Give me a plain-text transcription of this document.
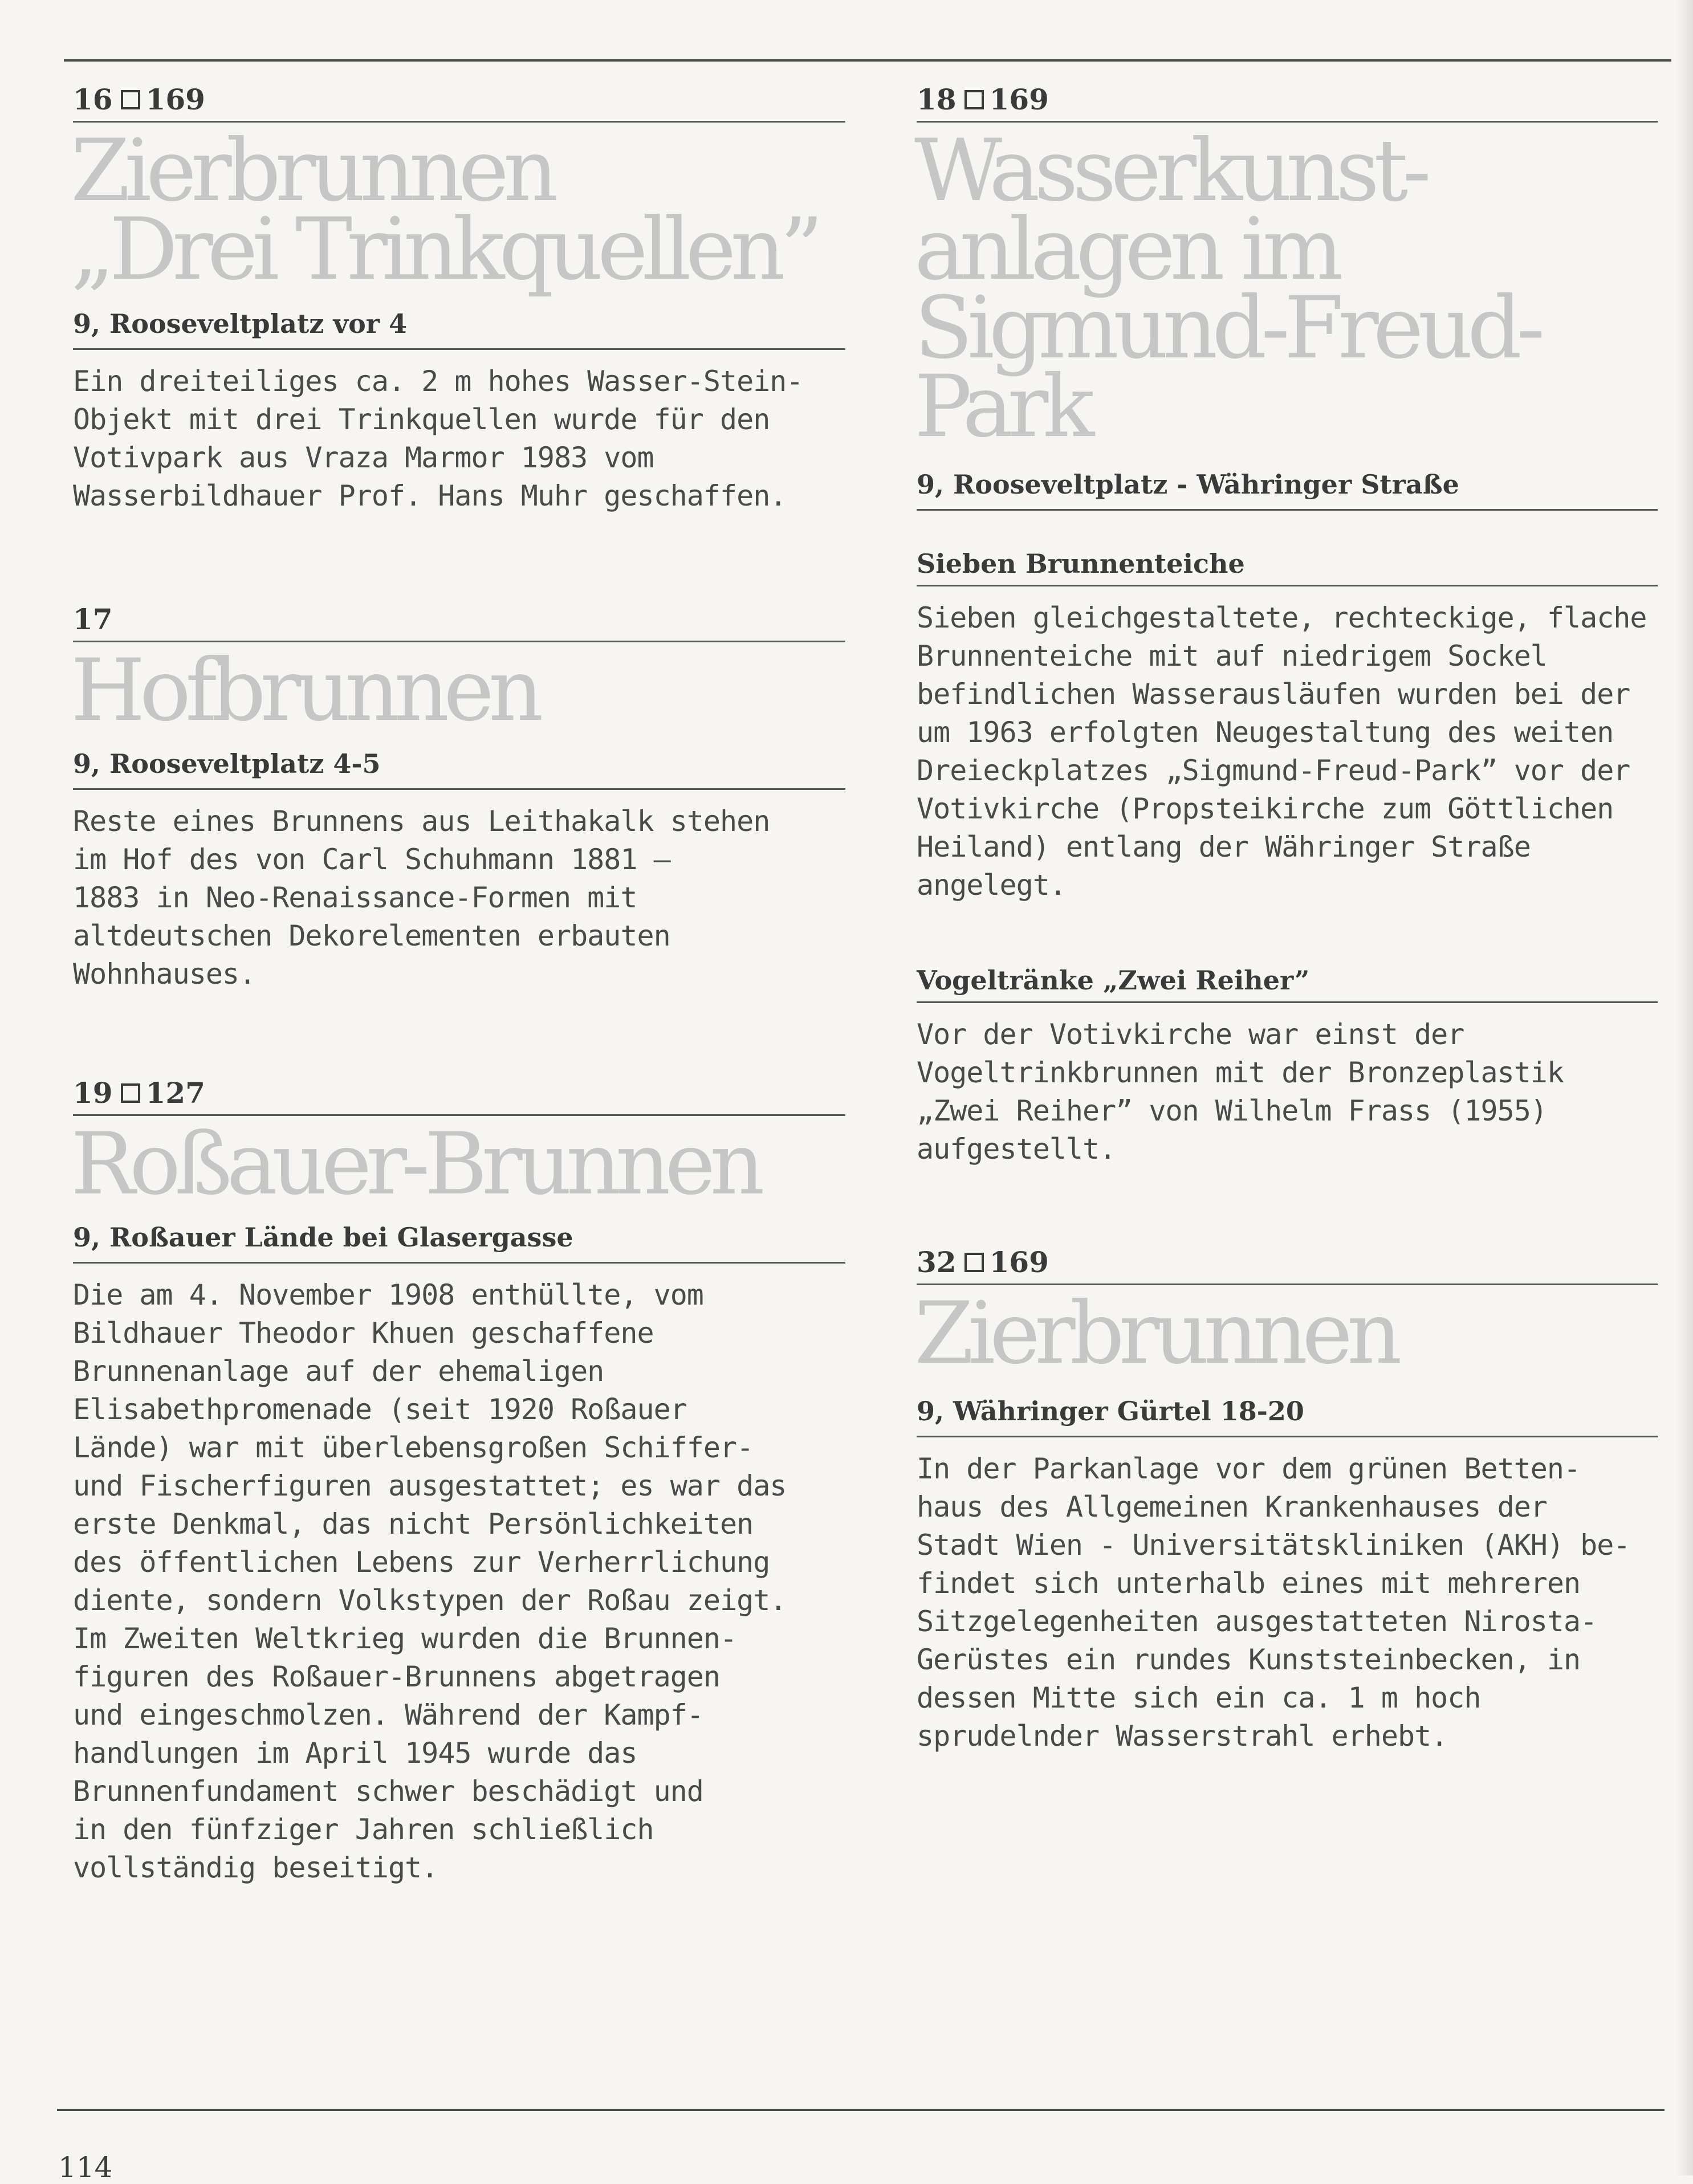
16 169
Zierbrunnen
„Drei Trinkquellen”
9, Rooseveltplatz vor 4
Ein dreiteiliges ca. 2 m hohes Wasser-Stein-
Objekt mit drei Trinkquellen wurde für den
Votivpark aus Vraza Marmor 1983 vom
Wasserbildhauer Prof. Hans Muhr geschaffen.
17
Hofbrunnen
9, Rooseveltplatz 4-5
Reste eines Brunnens aus Leithakalk stehen
im Hof des von Carl Schuhmann 1881 –
1883 in Neo-Renaissance-Formen mit
altdeutschen Dekorelementen erbauten
Wohnhauses.
19 127
Roßauer-Brunnen
9, Roßauer Lände bei Glasergasse
Die am 4. November 1908 enthüllte, vom
Bildhauer Theodor Khuen geschaffene
Brunnenanlage auf der ehemaligen
Elisabethpromenade (seit 1920 Roßauer
Lände) war mit überlebensgroßen Schiffer-
und Fischerfiguren ausgestattet; es war das
erste Denkmal, das nicht Persönlichkeiten
des öffentlichen Lebens zur Verherrlichung
diente, sondern Volkstypen der Roßau zeigt.
Im Zweiten Weltkrieg wurden die Brunnen-
figuren des Roßauer-Brunnens abgetragen
und eingeschmolzen. Während der Kampf-
handlungen im April 1945 wurde das
Brunnenfundament schwer beschädigt und
in den fünfziger Jahren schließlich
vollständig beseitigt.
18 169
Wasserkunst-
anlagen im
Sigmund-Freud-
Park
9, Rooseveltplatz - Währinger Straße
Sieben Brunnenteiche
Sieben gleichgestaltete, rechteckige, flache
Brunnenteiche mit auf niedrigem Sockel
befindlichen Wasserausläufen wurden bei der
um 1963 erfolgten Neugestaltung des weiten
Dreieckplatzes „Sigmund-Freud-Park” vor der
Votivkirche (Propsteikirche zum Göttlichen
Heiland) entlang der Währinger Straße
angelegt.
Vogeltränke „Zwei Reiher”
Vor der Votivkirche war einst der
Vogeltrinkbrunnen mit der Bronzeplastik
„Zwei Reiher” von Wilhelm Frass (1955)
aufgestellt.
32 169
Zierbrunnen
9, Währinger Gürtel 18-20
In der Parkanlage vor dem grünen Betten-
haus des Allgemeinen Krankenhauses der
Stadt Wien - Universitätskliniken (AKH) be-
findet sich unterhalb eines mit mehreren
Sitzgelegenheiten ausgestatteten Nirosta-
Gerüstes ein rundes Kunststeinbecken, in
dessen Mitte sich ein ca. 1 m hoch
sprudelnder Wasserstrahl erhebt.
114
